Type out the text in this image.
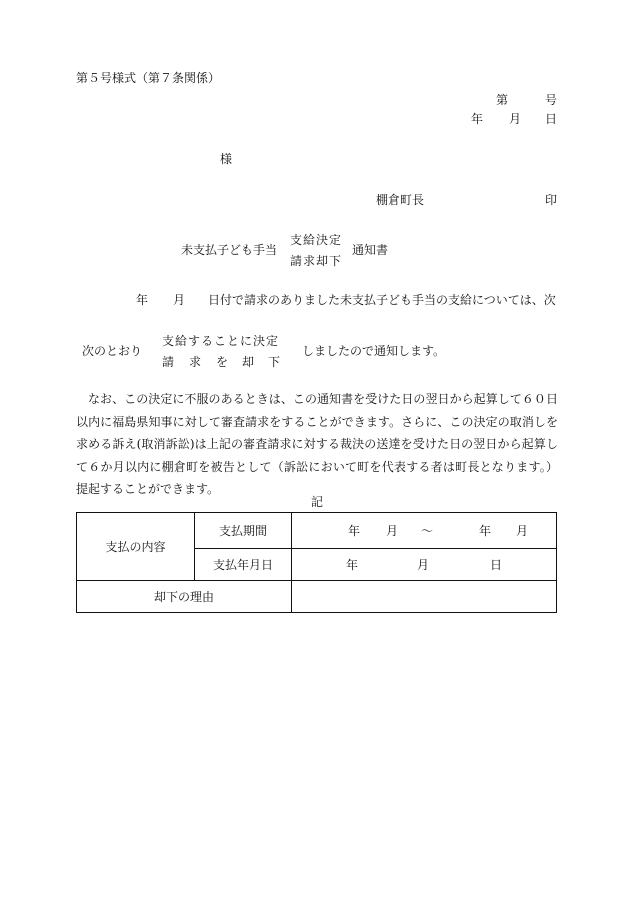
第５号様式（第７条関係）
第	号
年 月 日
様
棚倉町長	印
未支払子ども手当
支給決定
請求却下
通知書
年 月 日付で請求のありました未支払子ども手当の支給については、次
次のとおり
支給することに決定
請 求 を 却 下
しましたので通知します。
なお、この決定に不服のあるときは、この通知書を受けた日の翌日から起算して６０日以内に福島県知事に対して審査請求をすることができます。さらに、この決定の取消しを求める訴え(取消訴訟)は上記の審査請求に対する裁決の送達を受けた日の翌日から起算して６か月以内に棚倉町を被告として（訴訟において町を代表する者は町長となります。）提起することができます。
記
支払の内容	支払期間	年 月 ～ 年 月

	支払年月日	年 月 日

却下の理由		
